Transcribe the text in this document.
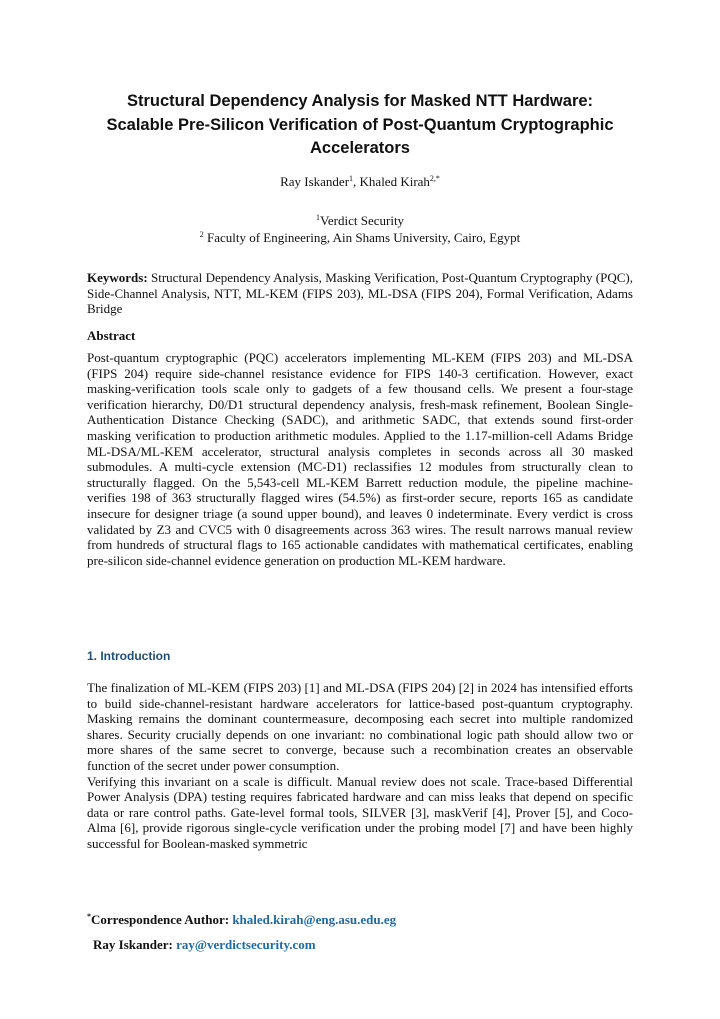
Structural Dependency Analysis for Masked NTT Hardware:
Scalable Pre-Silicon Verification of Post-Quantum Cryptographic
Accelerators
Ray Iskander$^1$, Khaled Kirah$^{2,*}$
$^1$Verdict Security
$^2$ Faculty of Engineering, Ain Shams University, Cairo, Egypt

Keywords: Structural Dependency Analysis, Masking Verification, Post-Quantum Cryptography (PQC), Side-Channel Analysis, NTT, ML-KEM (FIPS 203), ML-DSA (FIPS 204), Formal Verification, Adams Bridge

Abstract

Post-quantum cryptographic (PQC) accelerators implementing ML-KEM (FIPS 203) and ML-DSA (FIPS 204) require side-channel resistance evidence for FIPS 140-3 certification. However, exact masking-verification tools scale only to gadgets of a few thousand cells. We present a four-stage verification hierarchy, D0/D1 structural dependency analysis, fresh-mask refinement, Boolean Single-Authentication Distance Checking (SADC), and arithmetic SADC, that extends sound first-order masking verification to production arithmetic modules. Applied to the 1.17-million-cell Adams Bridge ML-DSA/ML-KEM accelerator, structural analysis completes in seconds across all 30 masked submodules. A multi-cycle extension (MC-D1) reclassifies 12 modules from structurally clean to structurally flagged. On the 5,543-cell ML-KEM Barrett reduction module, the pipeline machine-verifies 198 of 363 structurally flagged wires (54.5%) as first-order secure, reports 165 as candidate insecure for designer triage (a sound upper bound), and leaves 0 indeterminate. Every verdict is cross validated by Z3 and CVC5 with 0 disagreements across 363 wires. The result narrows manual review from hundreds of structural flags to 165 actionable candidates with mathematical certificates, enabling pre-silicon side-channel evidence generation on production ML-KEM hardware.

1. Introduction

The finalization of ML-KEM (FIPS 203) [1] and ML-DSA (FIPS 204) [2] in 2024 has intensified efforts to build side-channel-resistant hardware accelerators for lattice-based post-quantum cryptography. Masking remains the dominant countermeasure, decomposing each secret into multiple randomized shares. Security crucially depends on one invariant: no combinational logic path should allow two or more shares of the same secret to converge, because such a recombination creates an observable function of the secret under power consumption.

Verifying this invariant on a scale is difficult. Manual review does not scale. Trace-based Differential Power Analysis (DPA) testing requires fabricated hardware and can miss leaks that depend on specific data or rare control paths. Gate-level formal tools, SILVER [3], maskVerif [4], Prover [5], and Coco-Alma [6], provide rigorous single-cycle verification under the probing model [7] and have been highly successful for Boolean-masked symmetric

*Correspondence Author: khaled.kirah@eng.asu.edu.eg
Ray Iskander: ray@verdictsecurity.com
